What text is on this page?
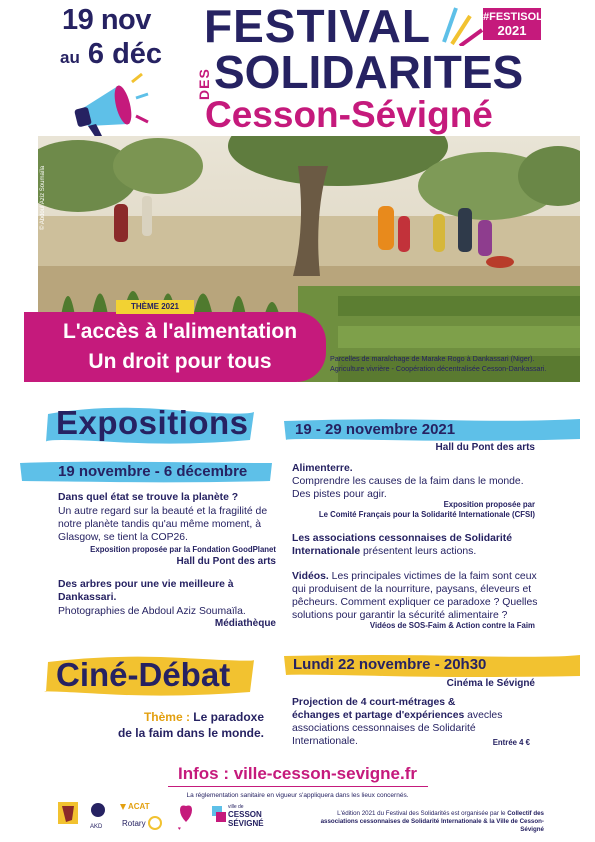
19 nov
au 6 déc
FESTIVAL
DES SOLIDARITES
Cesson-Sévigné
#FESTISOL
2021
© Abdoul Aziz Soumaïla
THÈME 2021
L'accès à l'alimentation
Un droit pour tous	Parcelles de maraîchage de Marake Rogo à Dankassari (Niger).
Agriculture vivrière - Coopération décentralisée Cesson-Dankassari.
Expositions	19 - 29 novembre 2021
Hall du Pont des arts
19 novembre - 6 décembre
Dans quel état se trouve la planète ?
Un autre regard sur la beauté et la fragilité de
notre planète tandis qu'au même moment, à
Glasgow, se tient la COP26.
Exposition proposée par la Fondation GoodPlanet
Hall du Pont des arts
Des arbres pour une vie meilleure à
Dankassari.
Photographies de Abdoul Aziz Soumaïla.
Médiathèque
Alimenterre.
Comprendre les causes de la faim dans le monde.
Des pistes pour agir.
Exposition proposée par
Le Comité Français pour la Solidarité Internationale (CFSI)
Les associations cessonnaises de Solidarité
Internationale présentent leurs actions.
Vidéos. Les principales victimes de la faim sont ceux
qui produisent de la nourriture, paysans, éleveurs et
pêcheurs. Comment expliquer ce paradoxe ? Quelles
solutions pour garantir la sécurité alimentaire ?
Vidéos de SOS-Faim & Action contre la Faim
Ciné-Débat	Lundi 22 novembre - 20h30
Cinéma le Sévigné
Thème : Le paradoxe
de la faim dans le monde.
Projection de 4 court-métrages &
échanges et partage d'expériences avecles
associations cessonnaises de Solidarité Internationale.	Entrée 4 €
Infos : ville-cesson-sevigne.fr
La réglementation sanitaire en vigueur s'appliquera dans les lieux concernés.
AKD
ACAT
Rotary
♥
ville de
CESSON
SÉVIGNÉ
L'édition 2021 du Festival des Solidarités est organisée par le Collectif des
associations cessonnaises de Solidarité Internationale & la Ville de Cesson-Sévigné
